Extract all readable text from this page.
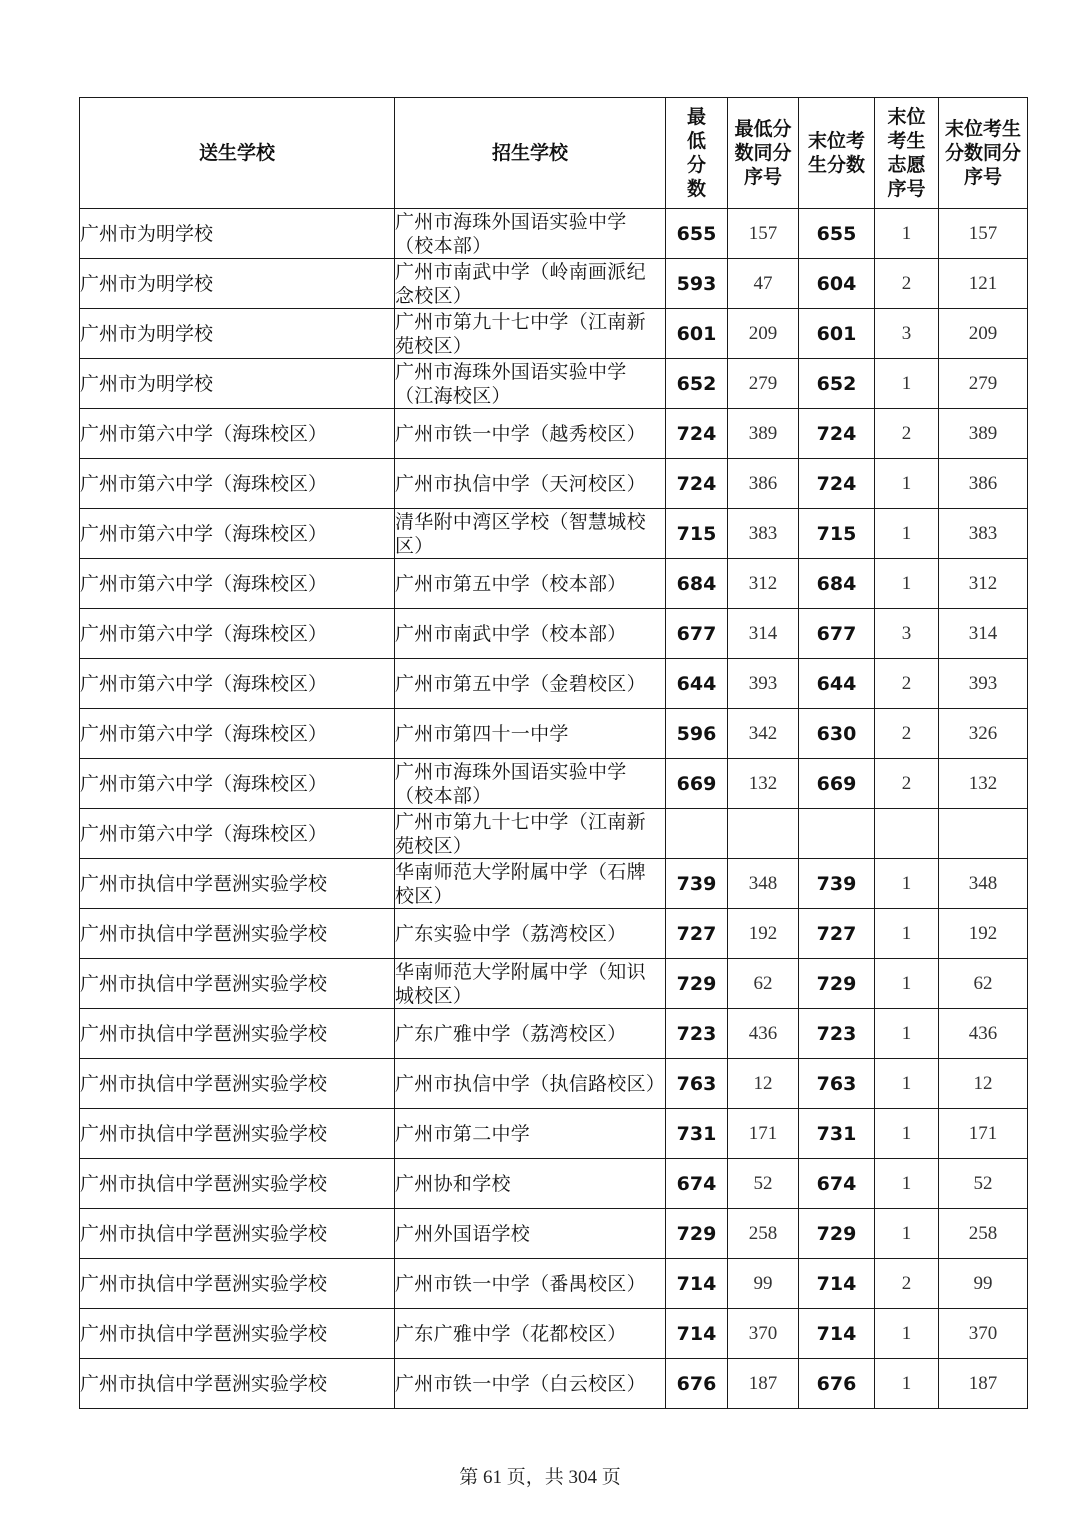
送生学校	招生学校	最低分数	最低分数同分序号	末位考生分数	末位考生志愿序号	末位考生分数同分序号
广州市为明学校	广州市海珠外国语实验中学（校本部）	655	157	655	1	157
广州市为明学校	广州市南武中学（岭南画派纪念校区）	593	47	604	2	121
广州市为明学校	广州市第九十七中学（江南新苑校区）	601	209	601	3	209
广州市为明学校	广州市海珠外国语实验中学（江海校区）	652	279	652	1	279
广州市第六中学（海珠校区）	广州市铁一中学（越秀校区）	724	389	724	2	389
广州市第六中学（海珠校区）	广州市执信中学（天河校区）	724	386	724	1	386
广州市第六中学（海珠校区）	清华附中湾区学校（智慧城校区）	715	383	715	1	383
广州市第六中学（海珠校区）	广州市第五中学（校本部）	684	312	684	1	312
广州市第六中学（海珠校区）	广州市南武中学（校本部）	677	314	677	3	314
广州市第六中学（海珠校区）	广州市第五中学（金碧校区）	644	393	644	2	393
广州市第六中学（海珠校区）	广州市第四十一中学	596	342	630	2	326
广州市第六中学（海珠校区）	广州市海珠外国语实验中学（校本部）	669	132	669	2	132
广州市第六中学（海珠校区）	广州市第九十七中学（江南新苑校区）					
广州市执信中学琶洲实验学校	华南师范大学附属中学（石牌校区）	739	348	739	1	348
广州市执信中学琶洲实验学校	广东实验中学（荔湾校区）	727	192	727	1	192
广州市执信中学琶洲实验学校	华南师范大学附属中学（知识城校区）	729	62	729	1	62
广州市执信中学琶洲实验学校	广东广雅中学（荔湾校区）	723	436	723	1	436
广州市执信中学琶洲实验学校	广州市执信中学（执信路校区）	763	12	763	1	12
广州市执信中学琶洲实验学校	广州市第二中学	731	171	731	1	171
广州市执信中学琶洲实验学校	广州协和学校	674	52	674	1	52
广州市执信中学琶洲实验学校	广州外国语学校	729	258	729	1	258
广州市执信中学琶洲实验学校	广州市铁一中学（番禺校区）	714	99	714	2	99
广州市执信中学琶洲实验学校	广东广雅中学（花都校区）	714	370	714	1	370
广州市执信中学琶洲实验学校	广州市铁一中学（白云校区）	676	187	676	1	187
第 61 页，共 304 页
